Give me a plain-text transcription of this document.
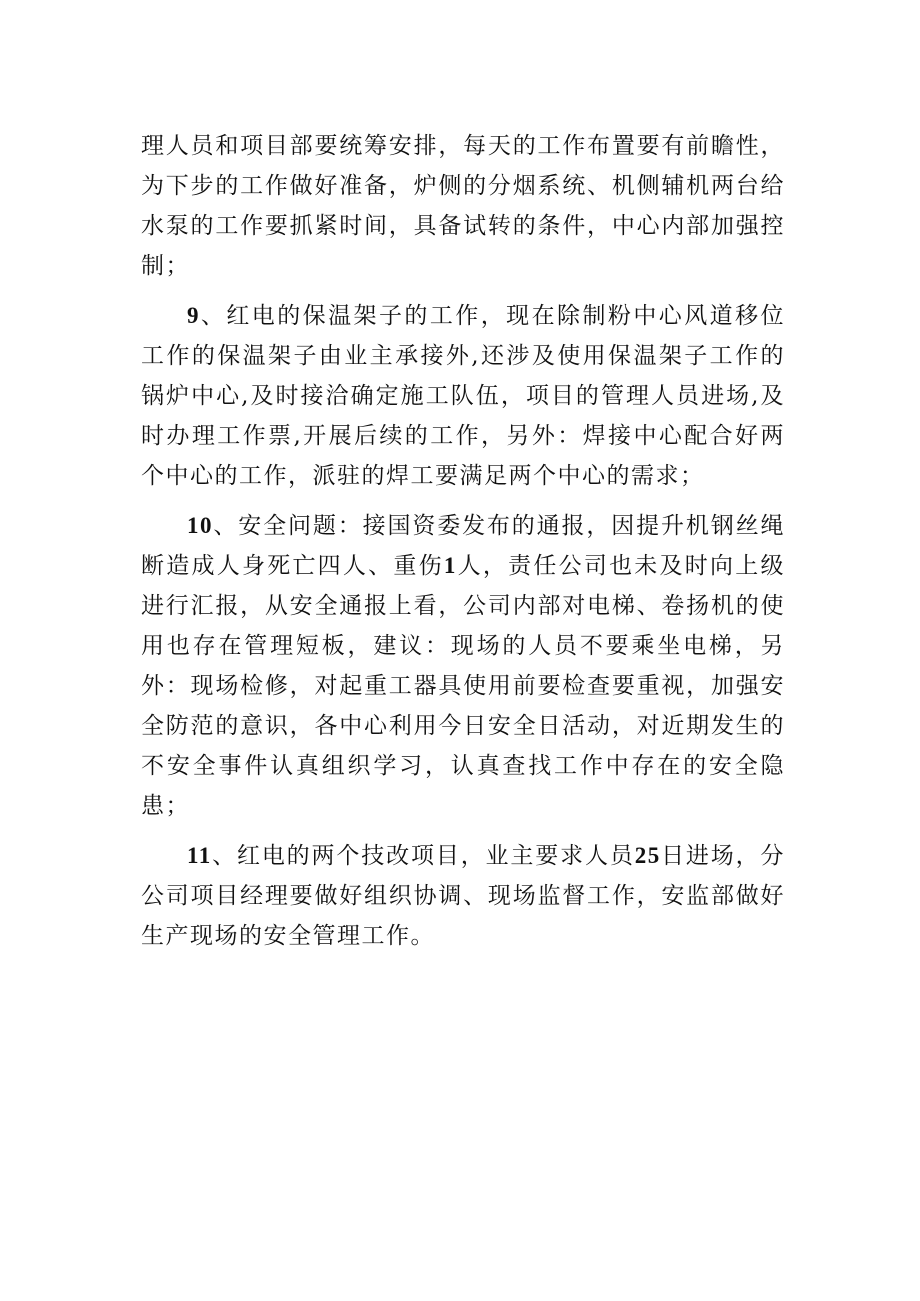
理人员和项目部要统筹安排，每天的工作布置要有前瞻性，为下步的工作做好准备，炉侧的分烟系统、机侧辅机两台给水泵的工作要抓紧时间，具备试转的条件，中心内部加强控制；

9、红电的保温架子的工作，现在除制粉中心风道移位工作的保温架子由业主承接外,还涉及使用保温架子工作的锅炉中心,及时接洽确定施工队伍，项目的管理人员进场,及时办理工作票,开展后续的工作，另外：焊接中心配合好两个中心的工作，派驻的焊工要满足两个中心的需求；

10、安全问题：接国资委发布的通报，因提升机钢丝绳断造成人身死亡四人、重伤1人，责任公司也未及时向上级进行汇报，从安全通报上看，公司内部对电梯、卷扬机的使用也存在管理短板，建议：现场的人员不要乘坐电梯，另外：现场检修，对起重工器具使用前要检查要重视，加强安全防范的意识，各中心利用今日安全日活动，对近期发生的不安全事件认真组织学习，认真查找工作中存在的安全隐患；

11、红电的两个技改项目，业主要求人员25日进场，分公司项目经理要做好组织协调、现场监督工作，安监部做好生产现场的安全管理工作。
